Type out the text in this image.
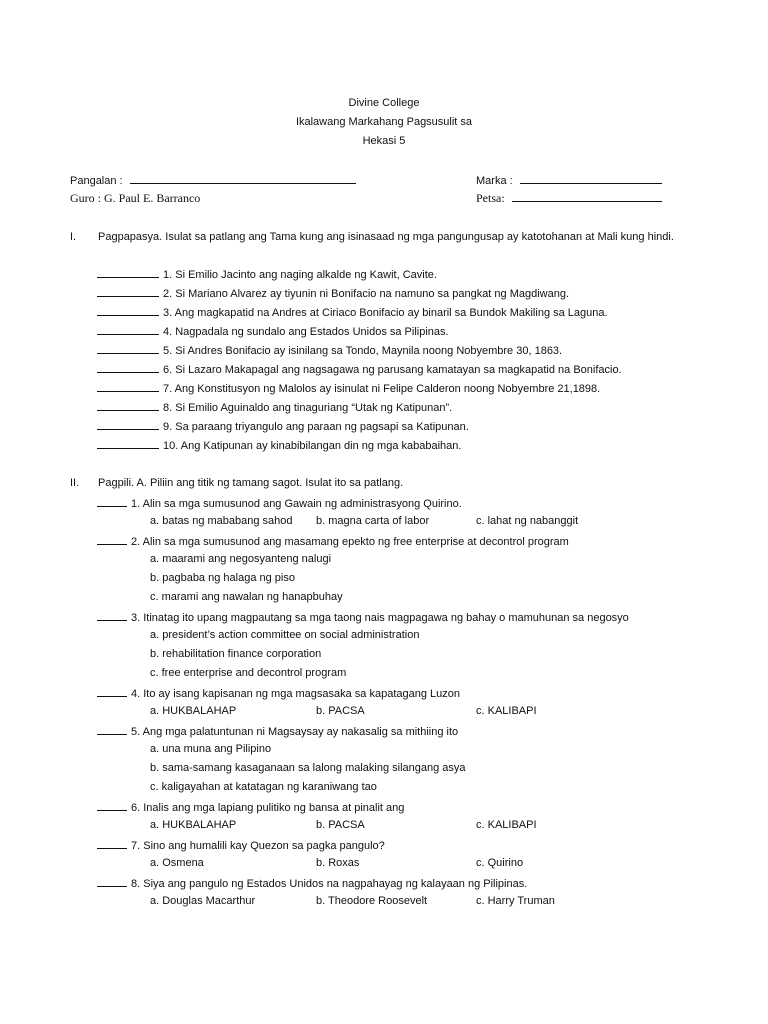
Divine College
Ikalawang Markahang Pagsusulit sa
Hekasi 5
Pangalan :	Marka :
Guro : G. Paul E. Barranco	Petsa:
I. Pagpapasya. Isulat sa patlang ang Tama kung ang isinasaad ng mga pangungusap ay katotohanan at Mali kung hindi.
1. Si Emilio Jacinto ang naging alkalde ng Kawit, Cavite.
2. Si Mariano Alvarez ay tiyunin ni Bonifacio na namuno sa pangkat ng Magdiwang.
3. Ang magkapatid na Andres at Ciriaco Bonifacio ay binaril sa Bundok Makiling sa Laguna.
4. Nagpadala ng sundalo ang Estados Unidos sa Pilipinas.
5. Si Andres Bonifacio ay isinilang sa Tondo, Maynila noong Nobyembre 30, 1863.
6. Si Lazaro Makapagal ang nagsagawa ng parusang kamatayan sa magkapatid na Bonifacio.
7. Ang Konstitusyon ng Malolos ay isinulat ni Felipe Calderon noong Nobyembre 21,1898.
8. Si Emilio Aguinaldo ang tinaguriang “Utak ng Katipunan”.
9. Sa paraang triyangulo ang paraan ng pagsapi sa Katipunan.
10. Ang Katipunan ay kinabibilangan din ng mga kababaihan.
II. Pagpili. A. Piliin ang titik ng tamang sagot. Isulat ito sa patlang.
1. Alin sa mga sumusunod ang Gawain ng administrasyong Quirino.
a. batas ng mababang sahod b. magna carta of labor	c. lahat ng nabanggit
2. Alin sa mga sumusunod ang masamang epekto ng free enterprise at decontrol program
a. maarami ang negosyanteng nalugi
b. pagbaba ng halaga ng piso
c. marami ang nawalan ng hanapbuhay
3. Itinatag ito upang magpautang sa mga taong nais magpagawa ng bahay o mamuhunan sa negosyo
a. president’s action committee on social administration
b. rehabilitation finance corporation
c. free enterprise and decontrol program
4. Ito ay isang kapisanan ng mga magsasaka sa kapatagang Luzon
a. HUKBALAHAP	b. PACSA	c. KALIBAPI
5. Ang mga palatuntunan ni Magsaysay ay nakasalig sa mithiing ito
a. una muna ang Pilipino
b. sama-samang kasaganaan sa lalong malaking silangang asya
c. kaligayahan at katatagan ng karaniwang tao
6. Inalis ang mga lapiang pulitiko ng bansa at pinalit ang
a. HUKBALAHAP	b. PACSA	c. KALIBAPI
7. Sino ang humalili kay Quezon sa pagka pangulo?
a. Osmena	b. Roxas	c. Quirino
8. Siya ang pangulo ng Estados Unidos na nagpahayag ng kalayaan ng Pilipinas.
a. Douglas Macarthur	b. Theodore Roosevelt	c. Harry Truman
